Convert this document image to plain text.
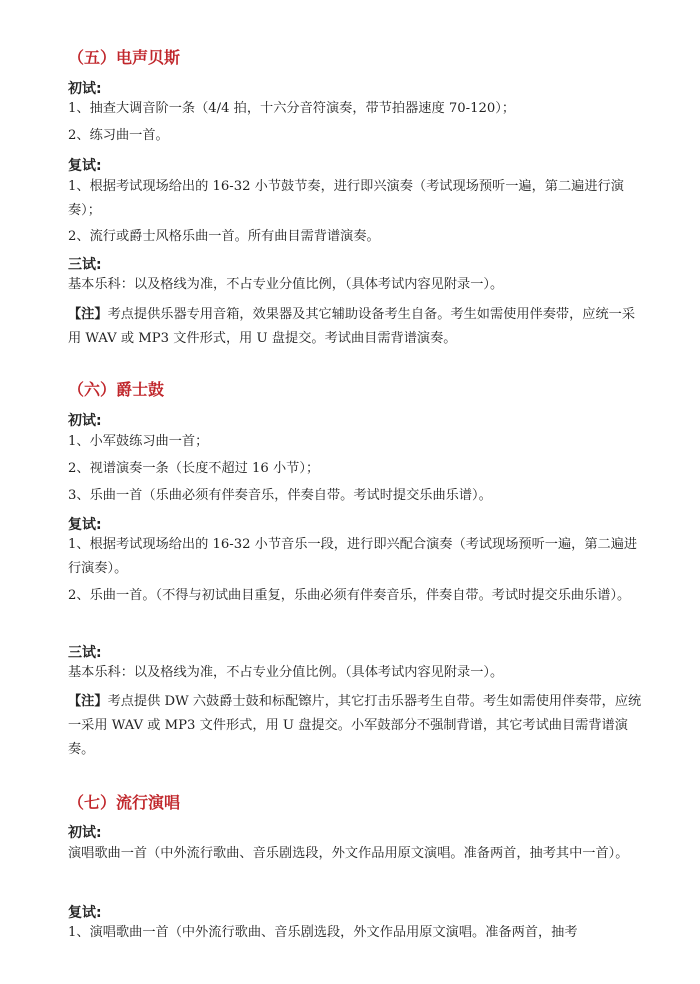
（五）电声贝斯
初试:
1、抽查大调音阶一条（4/4 拍，十六分音符演奏，带节拍器速度 70-120）；
2、练习曲一首。
复试:
1、根据考试现场给出的 16-32 小节鼓节奏，进行即兴演奏（考试现场预听一遍，第二遍进行演奏）；
2、流行或爵士风格乐曲一首。所有曲目需背谱演奏。
三试:
基本乐科：以及格线为准，不占专业分值比例，（具体考试内容见附录一）。
【注】考点提供乐器专用音箱，效果器及其它辅助设备考生自备。考生如需使用伴奏带，应统一采用 WAV 或 MP3 文件形式，用 U 盘提交。考试曲目需背谱演奏。
（六）爵士鼓
初试:
1、小军鼓练习曲一首；
2、视谱演奏一条（长度不超过 16 小节）；
3、乐曲一首（乐曲必须有伴奏音乐，伴奏自带。考试时提交乐曲乐谱）。
复试:
1、根据考试现场给出的 16-32 小节音乐一段，进行即兴配合演奏（考试现场预听一遍，第二遍进行演奏）。
2、乐曲一首。（不得与初试曲目重复，乐曲必须有伴奏音乐，伴奏自带。考试时提交乐曲乐谱）。
三试:
基本乐科：以及格线为准，不占专业分值比例。（具体考试内容见附录一）。
【注】考点提供 DW 六鼓爵士鼓和标配镲片，其它打击乐器考生自带。考生如需使用伴奏带，应统一采用 WAV 或 MP3 文件形式，用 U 盘提交。小军鼓部分不强制背谱，其它考试曲目需背谱演奏。
（七）流行演唱
初试:
演唱歌曲一首（中外流行歌曲、音乐剧选段，外文作品用原文演唱。准备两首，抽考其中一首）。
复试:
1、演唱歌曲一首（中外流行歌曲、音乐剧选段，外文作品用原文演唱。准备两首，抽考
